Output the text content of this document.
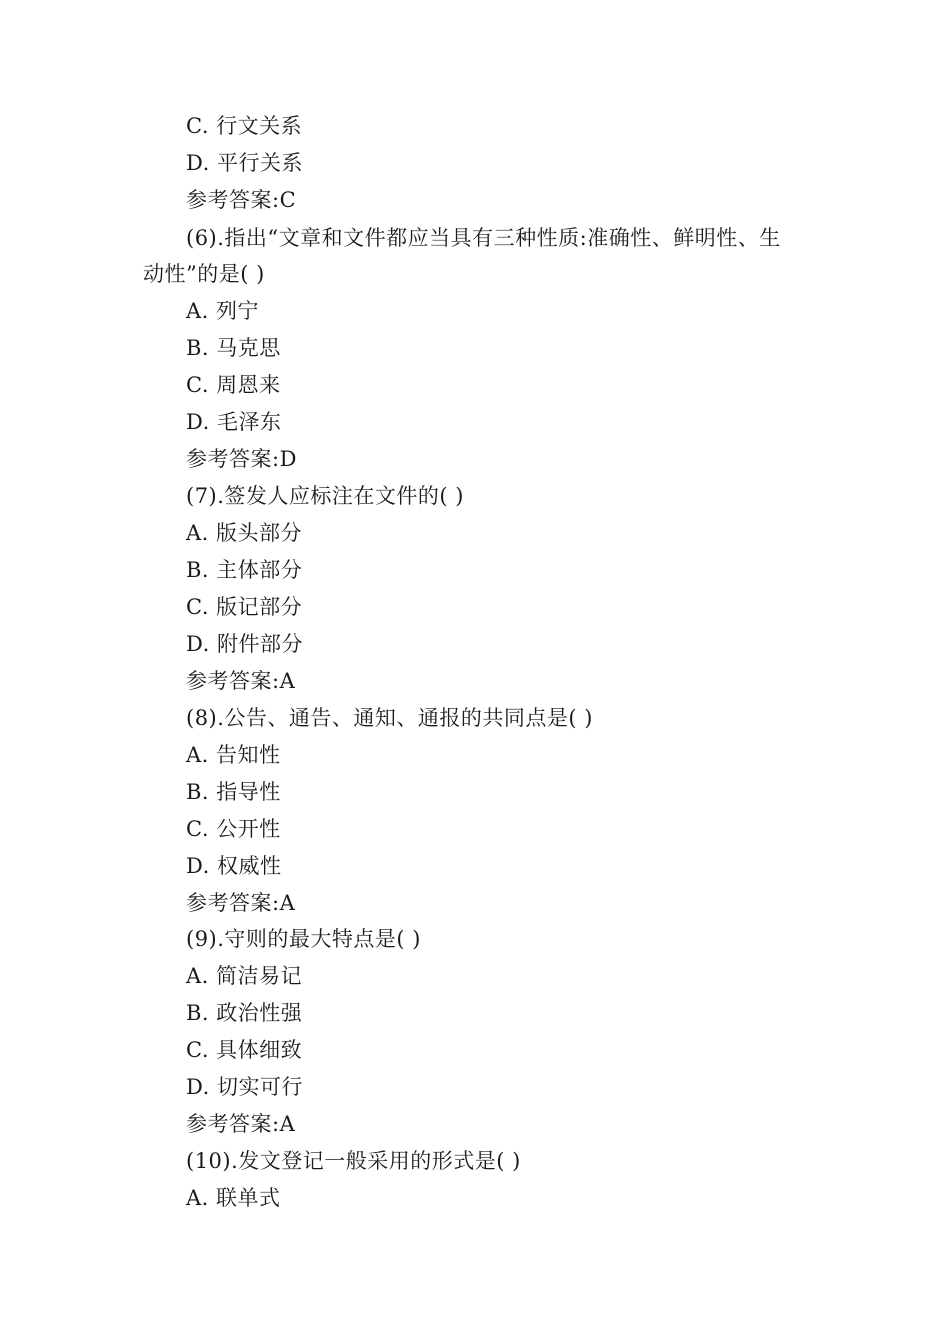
C. 行文关系
D. 平行关系
参考答案:C
(6).指出“文章和文件都应当具有三种性质:准确性、鲜明性、生
动性”的是( )
A. 列宁
B. 马克思
C. 周恩来
D. 毛泽东
参考答案:D
(7).签发人应标注在文件的( )
A. 版头部分
B. 主体部分
C. 版记部分
D. 附件部分
参考答案:A
(8).公告、通告、通知、通报的共同点是( )
A. 告知性
B. 指导性
C. 公开性
D. 权威性
参考答案:A
(9).守则的最大特点是( )
A. 简洁易记
B. 政治性强
C. 具体细致
D. 切实可行
参考答案:A
(10).发文登记一般采用的形式是( )
A. 联单式
